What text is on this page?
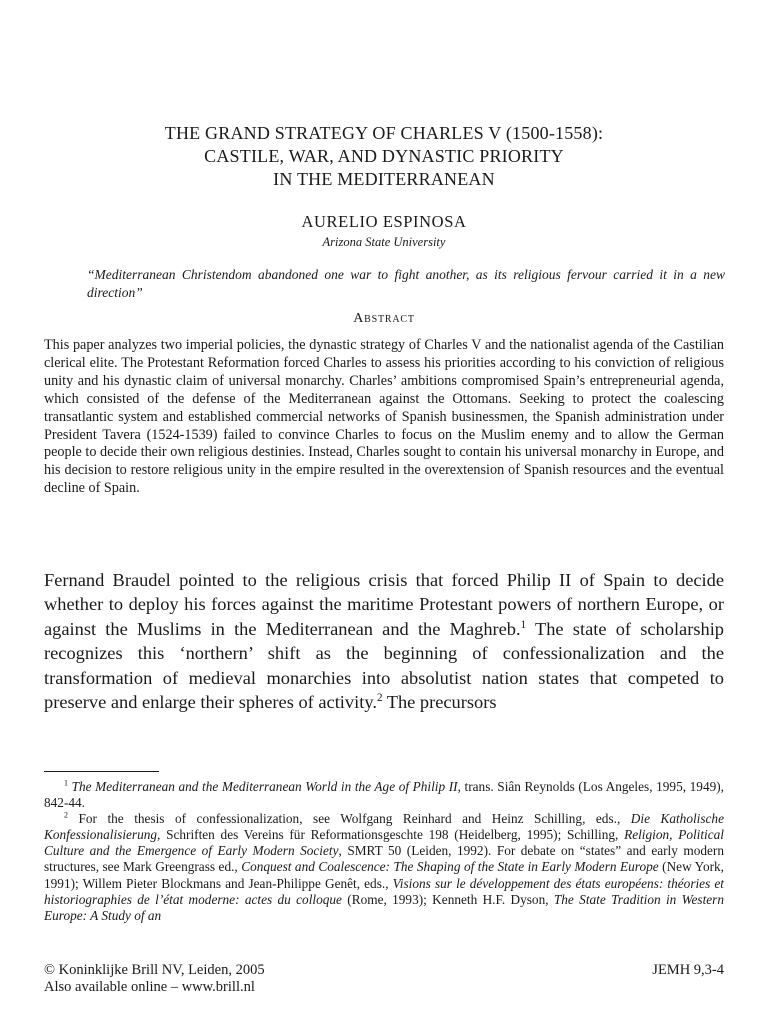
THE GRAND STRATEGY OF CHARLES V (1500-1558):
CASTILE, WAR, AND DYNASTIC PRIORITY
IN THE MEDITERRANEAN
AURELIO ESPINOSA
Arizona State University
“Mediterranean Christendom abandoned one war to fight another, as its religious fervour carried it in a new direction”
Abstract
This paper analyzes two imperial policies, the dynastic strategy of Charles V and the nationalist agenda of the Castilian clerical elite. The Protestant Reformation forced Charles to assess his priorities according to his conviction of religious unity and his dynastic claim of universal monarchy. Charles’ ambitions compromised Spain’s entrepreneurial agenda, which consisted of the defense of the Mediterranean against the Ottomans. Seeking to protect the coalescing transatlantic system and established commercial networks of Spanish businessmen, the Spanish administration under President Tavera (1524-1539) failed to convince Charles to focus on the Muslim enemy and to allow the German people to decide their own religious destinies. Instead, Charles sought to contain his universal monarchy in Europe, and his decision to restore religious unity in the empire resulted in the overextension of Spanish resources and the eventual decline of Spain.
Fernand Braudel pointed to the religious crisis that forced Philip II of Spain to decide whether to deploy his forces against the maritime Protestant powers of northern Europe, or against the Muslims in the Mediterranean and the Maghreb.$^1$ The state of scholarship recognizes this ‘northern’ shift as the beginning of confessionalization and the transformation of medieval monarchies into absolutist nation states that competed to preserve and enlarge their spheres of activity.$^2$ The precursors

$^1$ The Mediterranean and the Mediterranean World in the Age of Philip II, trans. Siân Reynolds (Los Angeles, 1995, 1949), 842-44.

$^2$ For the thesis of confessionalization, see Wolfgang Reinhard and Heinz Schilling, eds., Die Katholische Konfessionalisierung, Schriften des Vereins für Reformationsgeschte 198 (Heidelberg, 1995); Schilling, Religion, Political Culture and the Emergence of Early Modern Society, SMRT 50 (Leiden, 1992). For debate on “states” and early modern structures, see Mark Greengrass ed., Conquest and Coalescence: The Shaping of the State in Early Modern Europe (New York, 1991); Willem Pieter Blockmans and Jean-Philippe Genêt, eds., Visions sur le développement des états européens: théories et historiographies de l’état moderne: actes du colloque (Rome, 1993); Kenneth H.F. Dyson, The State Tradition in Western Europe: A Study of an

© Koninklijke Brill NV, Leiden, 2005	JEMH 9,3-4
Also available online – www.brill.nl
